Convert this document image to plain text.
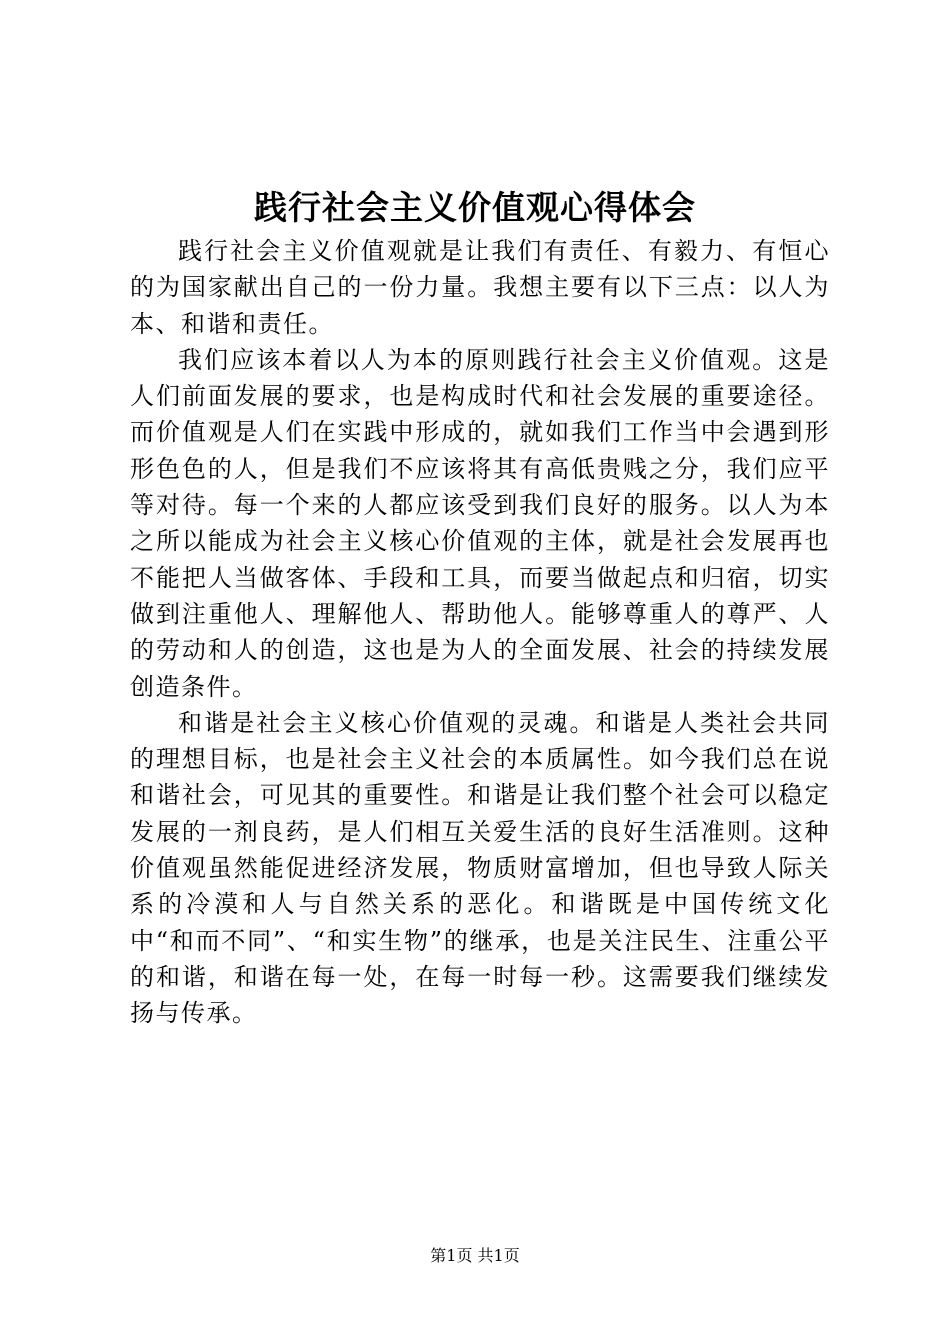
践行社会主义价值观心得体会

践行社会主义价值观就是让我们有责任、有毅力、有恒心的为国家献出自己的一份力量。我想主要有以下三点：以人为本、和谐和责任。

我们应该本着以人为本的原则践行社会主义价值观。这是人们前面发展的要求，也是构成时代和社会发展的重要途径。而价值观是人们在实践中形成的，就如我们工作当中会遇到形形色色的人，但是我们不应该将其有高低贵贱之分，我们应平等对待。每一个来的人都应该受到我们良好的服务。以人为本之所以能成为社会主义核心价值观的主体，就是社会发展再也不能把人当做客体、手段和工具，而要当做起点和归宿，切实做到注重他人、理解他人、帮助他人。能够尊重人的尊严、人的劳动和人的创造，这也是为人的全面发展、社会的持续发展创造条件。

和谐是社会主义核心价值观的灵魂。和谐是人类社会共同的理想目标，也是社会主义社会的本质属性。如今我们总在说和谐社会，可见其的重要性。和谐是让我们整个社会可以稳定发展的一剂良药，是人们相互关爱生活的良好生活准则。这种价值观虽然能促进经济发展，物质财富增加，但也导致人际关系的冷漠和人与自然关系的恶化。和谐既是中国传统文化中“和而不同”、“和实生物”的继承，也是关注民生、注重公平的和谐，和谐在每一处，在每一时每一秒。这需要我们继续发扬与传承。

第1页 共1页
